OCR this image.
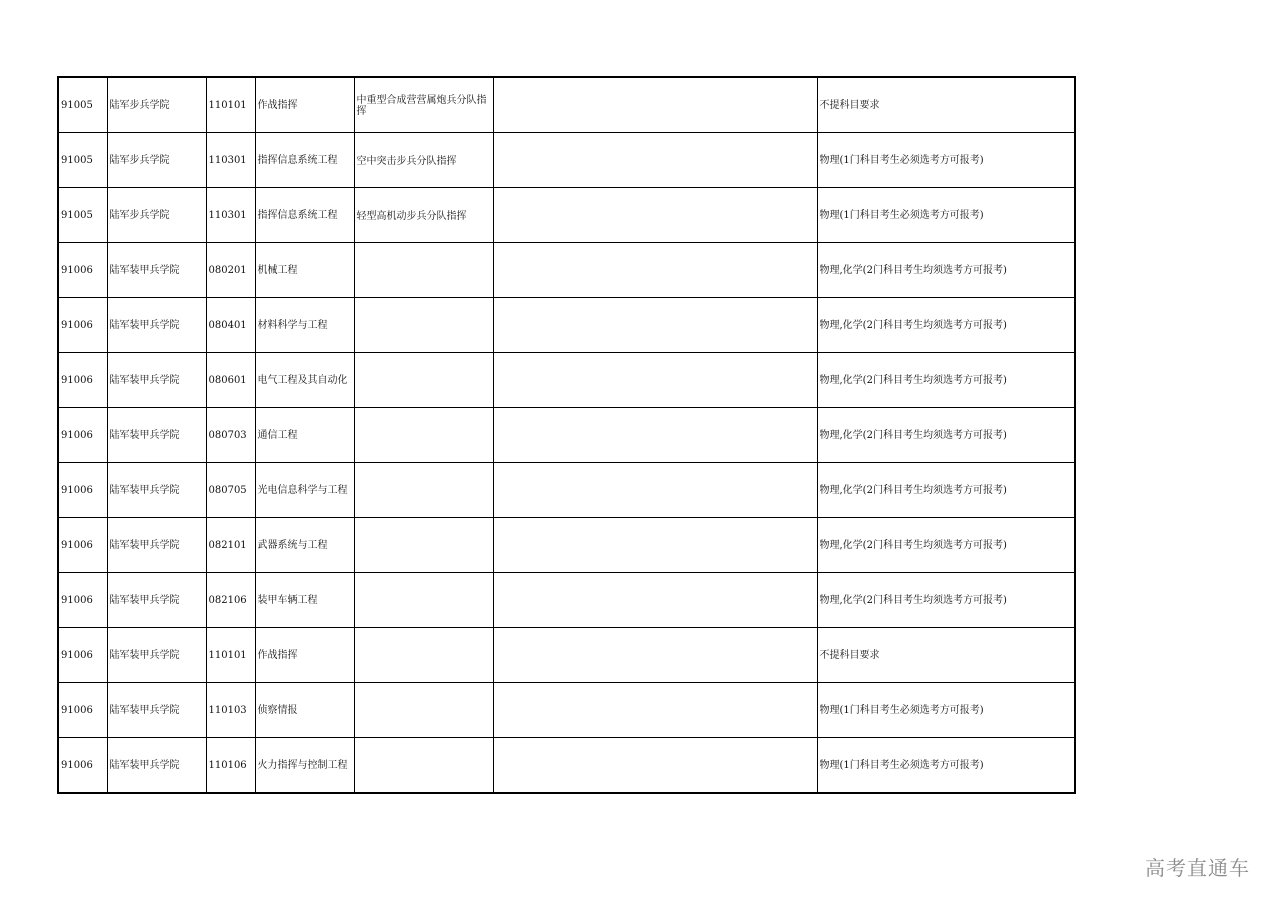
91005	陆军步兵学院	110101	作战指挥	中重型合成营营属炮兵分队指挥		不提科目要求
91005	陆军步兵学院	110301	指挥信息系统工程	空中突击步兵分队指挥		物理(1门科目考生必须选考方可报考)
91005	陆军步兵学院	110301	指挥信息系统工程	轻型高机动步兵分队指挥		物理(1门科目考生必须选考方可报考)
91006	陆军装甲兵学院	080201	机械工程			物理,化学(2门科目考生均须选考方可报考)
91006	陆军装甲兵学院	080401	材料科学与工程			物理,化学(2门科目考生均须选考方可报考)
91006	陆军装甲兵学院	080601	电气工程及其自动化			物理,化学(2门科目考生均须选考方可报考)
91006	陆军装甲兵学院	080703	通信工程			物理,化学(2门科目考生均须选考方可报考)
91006	陆军装甲兵学院	080705	光电信息科学与工程			物理,化学(2门科目考生均须选考方可报考)
91006	陆军装甲兵学院	082101	武器系统与工程			物理,化学(2门科目考生均须选考方可报考)
91006	陆军装甲兵学院	082106	装甲车辆工程			物理,化学(2门科目考生均须选考方可报考)
91006	陆军装甲兵学院	110101	作战指挥			不提科目要求
91006	陆军装甲兵学院	110103	侦察情报			物理(1门科目考生必须选考方可报考)
91006	陆军装甲兵学院	110106	火力指挥与控制工程			物理(1门科目考生必须选考方可报考)
高考直通车
